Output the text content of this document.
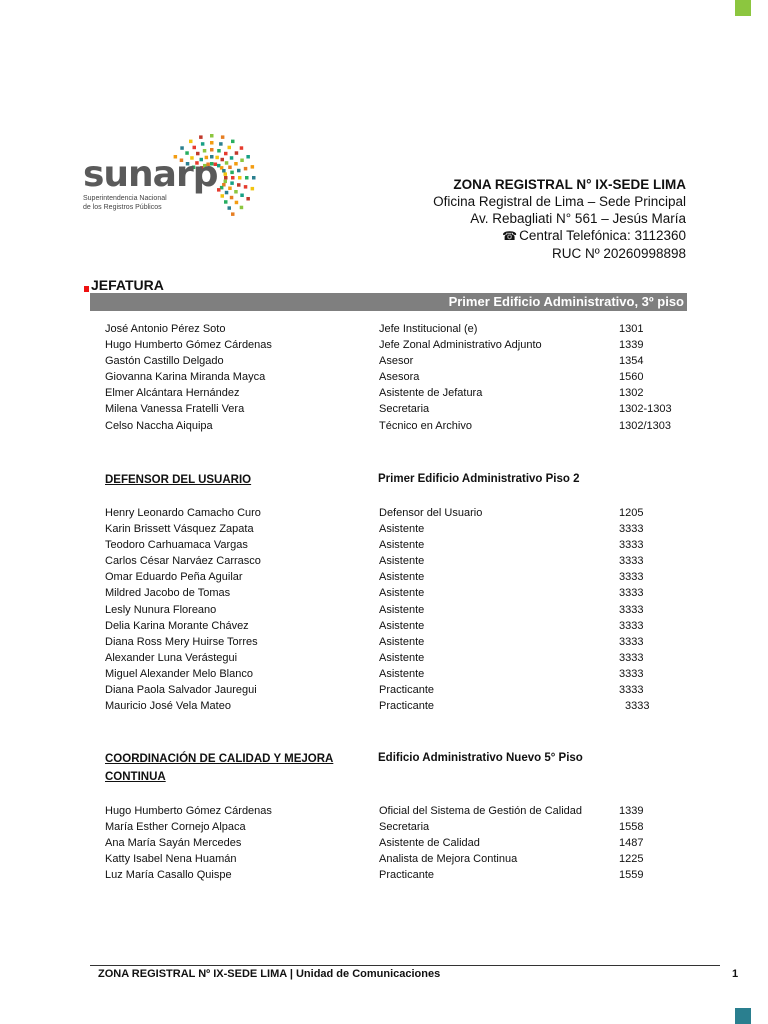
sunarp
Superintendencia Nacional
de los Registros Públicos
ZONA REGISTRAL N° IX-SEDE LIMA
Oficina Registral de Lima – Sede Principal
Av. Rebagliati N° 561 – Jesús María
☎ Central Telefónica: 3112360
RUC Nº 20260998898
JEFATURA
Primer Edificio Administrativo, 3º piso
José Antonio Pérez Soto	Jefe Institucional (e)	1301
Hugo Humberto Gómez Cárdenas	Jefe Zonal Administrativo Adjunto	1339
Gastón Castillo Delgado	Asesor	1354
Giovanna Karina Miranda Mayca	Asesora	1560
Elmer Alcántara Hernández	Asistente de Jefatura	1302
Milena Vanessa Fratelli Vera	Secretaria	1302-1303
Celso Naccha Aiquipa	Técnico en Archivo	1302/1303
DEFENSOR DEL USUARIO	Primer Edificio Administrativo Piso 2
Henry Leonardo Camacho Curo	Defensor del Usuario	1205
Karin Brissett Vásquez Zapata	Asistente	3333
Teodoro Carhuamaca Vargas	Asistente	3333
Carlos César Narváez Carrasco	Asistente	3333
Omar Eduardo Peña Aguilar	Asistente	3333
Mildred Jacobo de Tomas	Asistente	3333
Lesly Nunura Floreano	Asistente	3333
Delia Karina Morante Chávez	Asistente	3333
Diana Ross Mery Huirse Torres	Asistente	3333
Alexander Luna Verástegui	Asistente	3333
Miguel Alexander Melo Blanco	Asistente	3333
Diana Paola Salvador Jauregui	Practicante	3333
Mauricio José Vela Mateo	Practicante	3333
COORDINACIÓN DE CALIDAD Y MEJORA
CONTINUA
Edificio Administrativo Nuevo 5° Piso
Hugo Humberto Gómez Cárdenas	Oficial del Sistema de Gestión de Calidad	1339
María Esther Cornejo Alpaca	Secretaria	1558
Ana María Sayán Mercedes	Asistente de Calidad	1487
Katty Isabel Nena Huamán	Analista de Mejora Continua	1225
Luz María Casallo Quispe	Practicante	1559
ZONA REGISTRAL Nº IX-SEDE LIMA | Unidad de Comunicaciones	1
